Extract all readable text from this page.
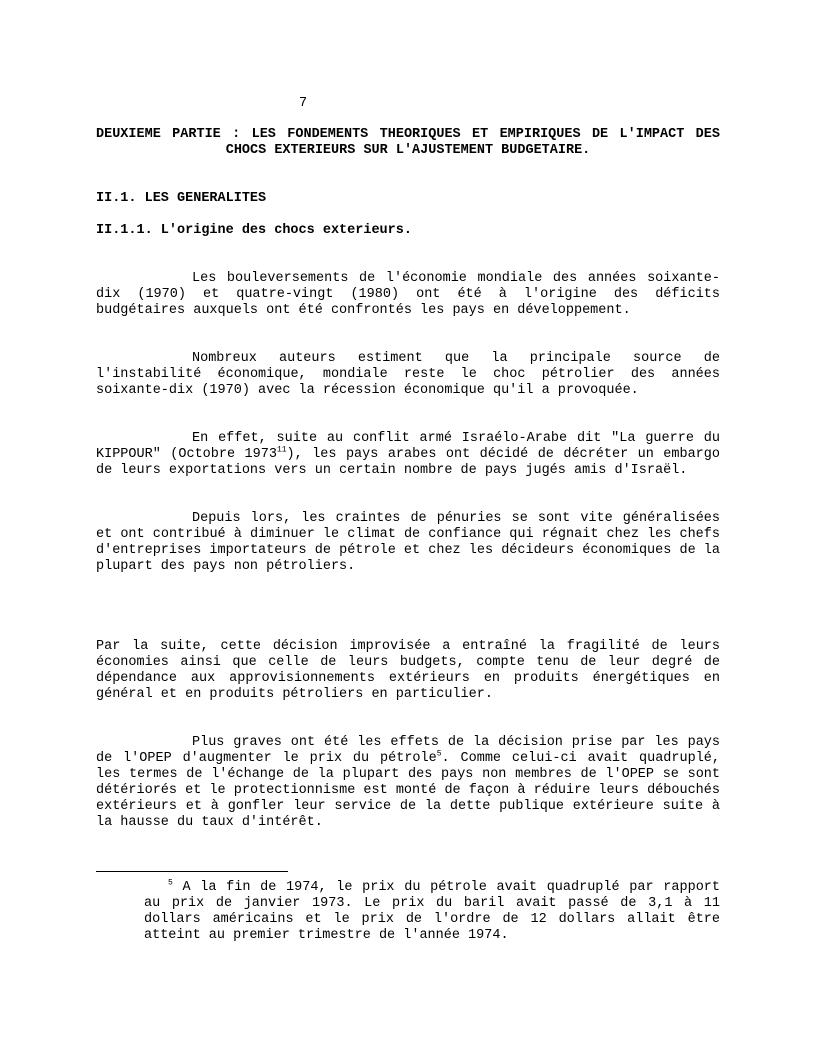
7
DEUXIEME PARTIE : LES FONDEMENTS THEORIQUES ET EMPIRIQUES DE L'IMPACT DES CHOCS EXTERIEURS SUR L'AJUSTEMENT BUDGETAIRE.
II.1. LES GENERALITES
II.1.1. L'origine des chocs exterieurs.

Les bouleversements de l'économie mondiale des années soixante-dix (1970) et quatre-vingt (1980) ont été à l'origine des déficits budgétaires auxquels ont été confrontés les pays en développement.

Nombreux auteurs estiment que la principale source de l'instabilité économique, mondiale reste le choc pétrolier des années soixante-dix (1970) avec la récession économique qu'il a provoquée.

En effet, suite au conflit armé Israélo-Arabe dit "La guerre du KIPPOUR" (Octobre 1973$^{11}$), les pays arabes ont décidé de décréter un embargo de leurs exportations vers un certain nombre de pays jugés amis d'Israël.

Depuis lors, les craintes de pénuries se sont vite généralisées et ont contribué à diminuer le climat de confiance qui régnait chez les chefs d'entreprises importateurs de pétrole et chez les décideurs économiques de la plupart des pays non pétroliers.

Par la suite, cette décision improvisée a entraîné la fragilité de leurs économies ainsi que celle de leurs budgets, compte tenu de leur degré de dépendance aux approvisionnements extérieurs en produits énergétiques en général et en produits pétroliers en particulier.

Plus graves ont été les effets de la décision prise par les pays de l'OPEP d'augmenter le prix du pétrole$^5$. Comme celui-ci avait quadruplé, les termes de l'échange de la plupart des pays non membres de l'OPEP se sont détériorés et le protectionnisme est monté de façon à réduire leurs débouchés extérieurs et à gonfler leur service de la dette publique extérieure suite à la hausse du taux d'intérêt.

$^5$ A la fin de 1974, le prix du pétrole avait quadruplé par rapport au prix de janvier 1973. Le prix du baril avait passé de 3,1 à 11 dollars américains et le prix de l'ordre de 12 dollars allait être atteint au premier trimestre de l'année 1974.
